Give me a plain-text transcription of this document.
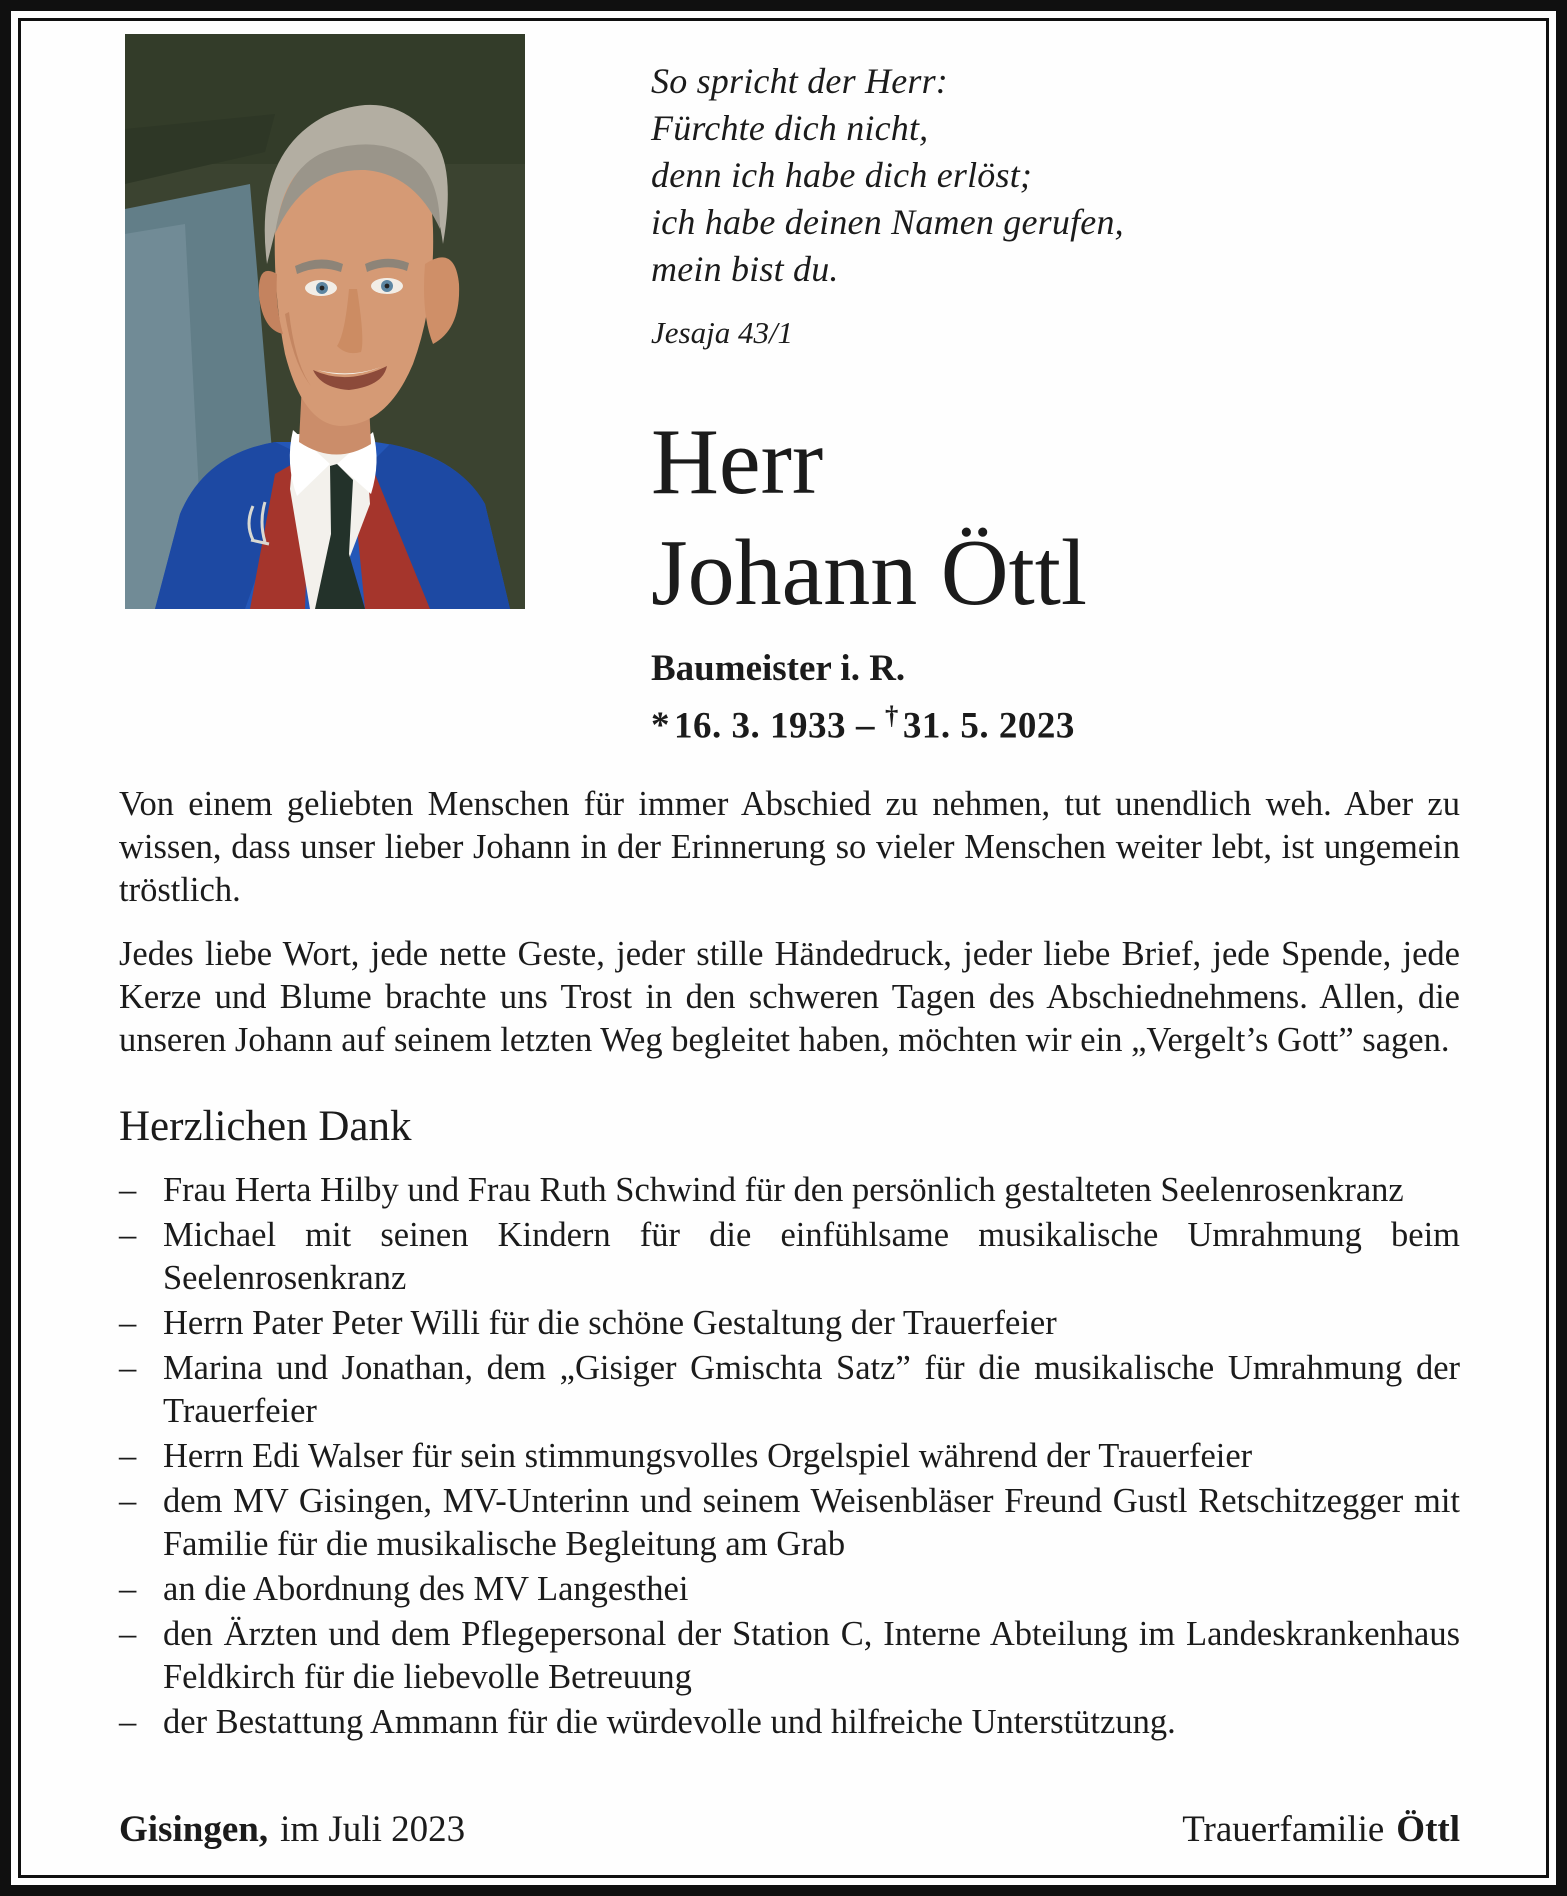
So spricht der Herr:
Fürchte dich nicht,
denn ich habe dich erlöst;
ich habe deinen Namen gerufen,
mein bist du.
Jesaja 43/1
Herr
Johann Öttl
Baumeister i. R.
* 16. 3. 1933 – † 31. 5. 2023

Von einem geliebten Menschen für immer Abschied zu nehmen, tut unendlich weh. Aber zu wissen, dass unser lieber Johann in der Erinnerung so vieler Menschen weiter lebt, ist ungemein tröstlich.

Jedes liebe Wort, jede nette Geste, jeder stille Händedruck, jeder liebe Brief, jede Spende, jede Kerze und Blume brachte uns Trost in den schweren Tagen des Abschiednehmens. Allen, die unseren Johann auf seinem letzten Weg begleitet haben, möchten wir ein „Vergelt’s Gott” sagen.

Herzlichen Dank
– Frau Herta Hilby und Frau Ruth Schwind für den persönlich gestalteten Seelenrosenkranz
– Michael mit seinen Kindern für die einfühlsame musikalische Umrahmung beim Seelenrosenkranz
– Herrn Pater Peter Willi für die schöne Gestaltung der Trauerfeier
– Marina und Jonathan, dem „Gisiger Gmischta Satz” für die musikalische Umrahmung der Trauerfeier
– Herrn Edi Walser für sein stimmungsvolles Orgelspiel während der Trauerfeier
– dem MV Gisingen, MV-Unterinn und seinem Weisenbläser Freund Gustl Retschitzegger mit Familie für die musikalische Begleitung am Grab
– an die Abordnung des MV Langesthei
– den Ärzten und dem Pflegepersonal der Station C, Interne Abteilung im Landeskrankenhaus Feldkirch für die liebevolle Betreuung
– der Bestattung Ammann für die würdevolle und hilfreiche Unterstützung.
Gisingen, im Juli 2023	Trauerfamilie Öttl
